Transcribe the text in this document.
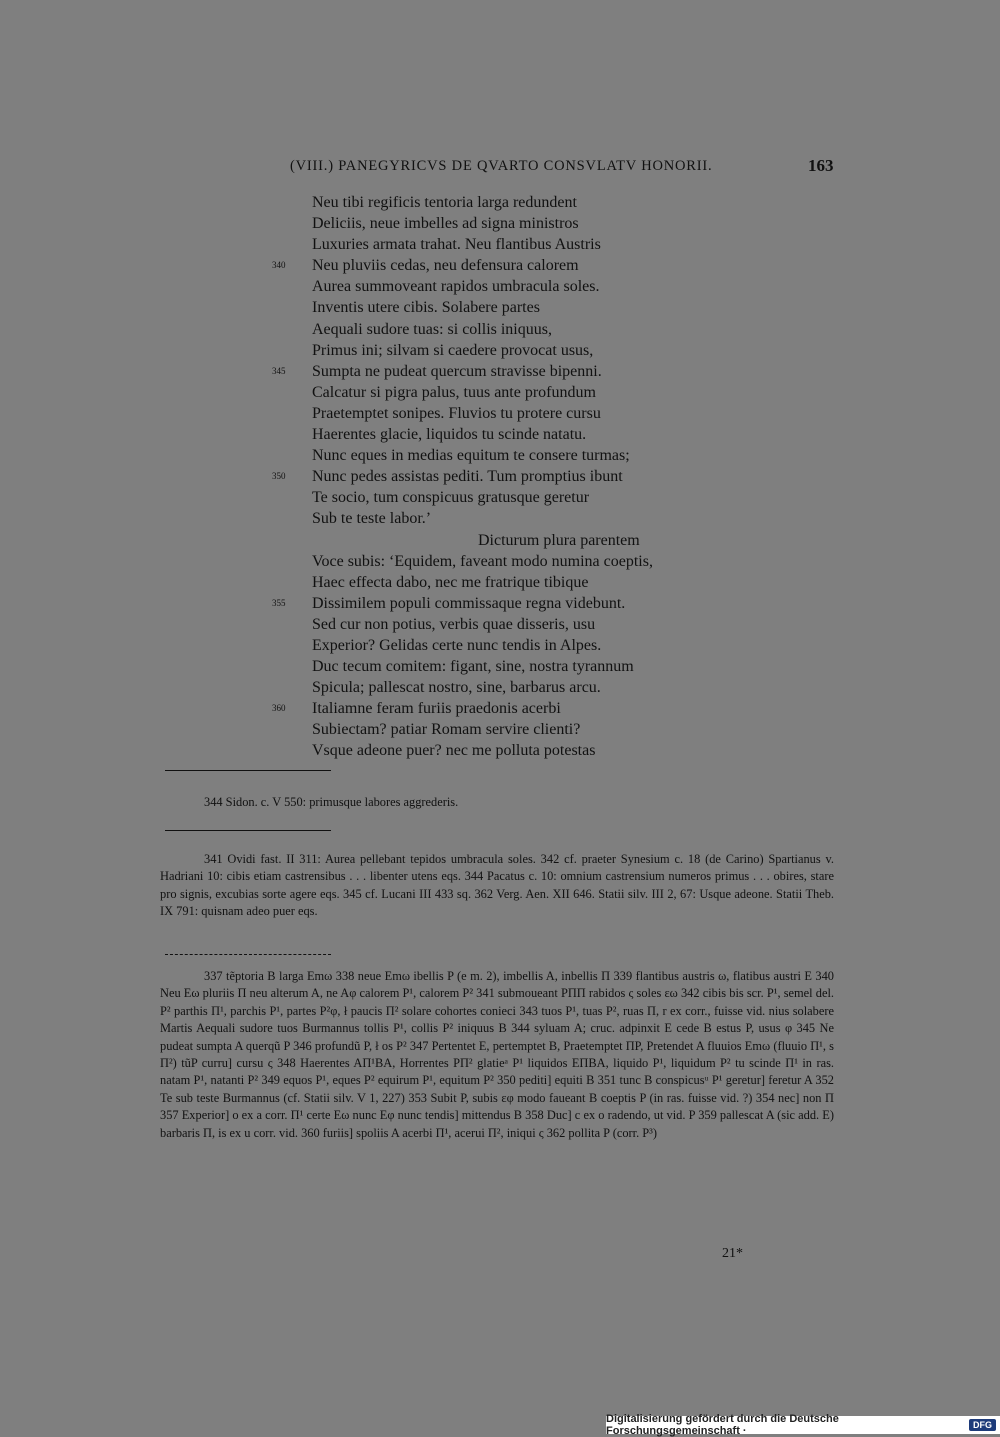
(VIII.) PANEGYRICVS DE QVARTO CONSVLATV HONORII.	163
Neu tibi regificis tentoria larga redundent
Deliciis, neue imbelles ad signa ministros
Luxuries armata trahat. Neu flantibus Austris
340	Neu pluviis cedas, neu defensura calorem
Aurea summoveant rapidos umbracula soles.
Inventis utere cibis. Solabere partes
Aequali sudore tuas: si collis iniquus,
Primus ini; silvam si caedere provocat usus,
345	Sumpta ne pudeat quercum stravisse bipenni.
Calcatur si pigra palus, tuus ante profundum
Praetemptet sonipes. Fluvios tu protere cursu
Haerentes glacie, liquidos tu scinde natatu.
Nunc eques in medias equitum te consere turmas;
350	Nunc pedes assistas pediti. Tum promptius ibunt
Te socio, tum conspicuus gratusque geretur
Sub te teste labor.’
Dicturum plura parentem
Voce subis: ‘Equidem, faveant modo numina coeptis,
Haec effecta dabo, nec me fratrique tibique
355	Dissimilem populi commissaque regna videbunt.
Sed cur non potius, verbis quae disseris, usu
Experior? Gelidas certe nunc tendis in Alpes.
Duc tecum comitem: figant, sine, nostra tyrannum
Spicula; pallescat nostro, sine, barbarus arcu.
360	Italiamne feram furiis praedonis acerbi
Subiectam? patiar Romam servire clienti?
Vsque adeone puer? nec me polluta potestas
344 Sidon. c. V 550: primusque labores aggrederis.

341 Ovidi fast. II 311: Aurea pellebant tepidos umbracula soles. 342 cf. praeter Synesium c. 18 (de Carino) Spartianus v. Hadriani 10: cibis etiam castrensibus . . . libenter utens eqs. 344 Pacatus c. 10: omnium castrensium numeros primus . . . obires, stare pro signis, excubias sorte agere eqs. 345 cf. Lucani III 433 sq. 362 Verg. Aen. XII 646. Statii silv. III 2, 67: Usque adeone. Statii Theb. IX 791: quisnam adeo puer eqs.

337 tẽptoria B larga Emω 338 neue Emω ibellis P (e m. 2), imbellis A, inbellis Π 339 flantibus austris ω, flatibus austri E 340 Neu Eω pluriis Π neu alterum A, ne Aφ calorem P¹, calorem P² 341 submoueant PΠΠ rabidos ς soles εω 342 cibis bis scr. P¹, semel del. P² parthis Π¹, parchis P¹, partes P²φ, ł paucis Π² solare cohortes conieci 343 tuos P¹, tuas P², ruas Π, r ex corr., fuisse vid. nius solabere Martis Aequali sudore tuos Burmannus tollis P¹, collis P² iniquus B 344 syluam A; cruc. adpinxit E cede B estus P, usus φ 345 Ne pudeat sumpta A querqũ P 346 profundũ P, ł os P² 347 Pertentet E, pertemptet B, Praetemptet ΠP, Pretendet A fluuios Emω (fluuio Π¹, s Π²) tũP curru] cursu ς 348 Haerentes AΠ¹BA, Horrentes PΠ² glatieᵃ P¹ liquidos EΠBA, liquido P¹, liquidum P² tu scinde Π¹ in ras. natam P¹, natanti P² 349 equos P¹, eques P² equirum P¹, equitum P² 350 pediti] equiti B 351 tunc B conspicusᵘ P¹ geretur] feretur A 352 Te sub teste Burmannus (cf. Statii silv. V 1, 227) 353 Subit P, subis εφ modo faueant B coeptis P (in ras. fuisse vid. ?) 354 nec] non Π 357 Experior] o ex a corr. Π¹ certe Eω nunc Eφ nunc tendis] mittendus B 358 Duc] c ex o radendo, ut vid. P 359 pallescat A (sic add. E) barbaris Π, is ex u corr. vid. 360 furiis] spoliis A acerbi Π¹, acerui Π², iniqui ς 362 pollita P (corr. P³)

21*
Digitalisierung gefördert durch die Deutsche Forschungsgemeinschaft ·	DFG
